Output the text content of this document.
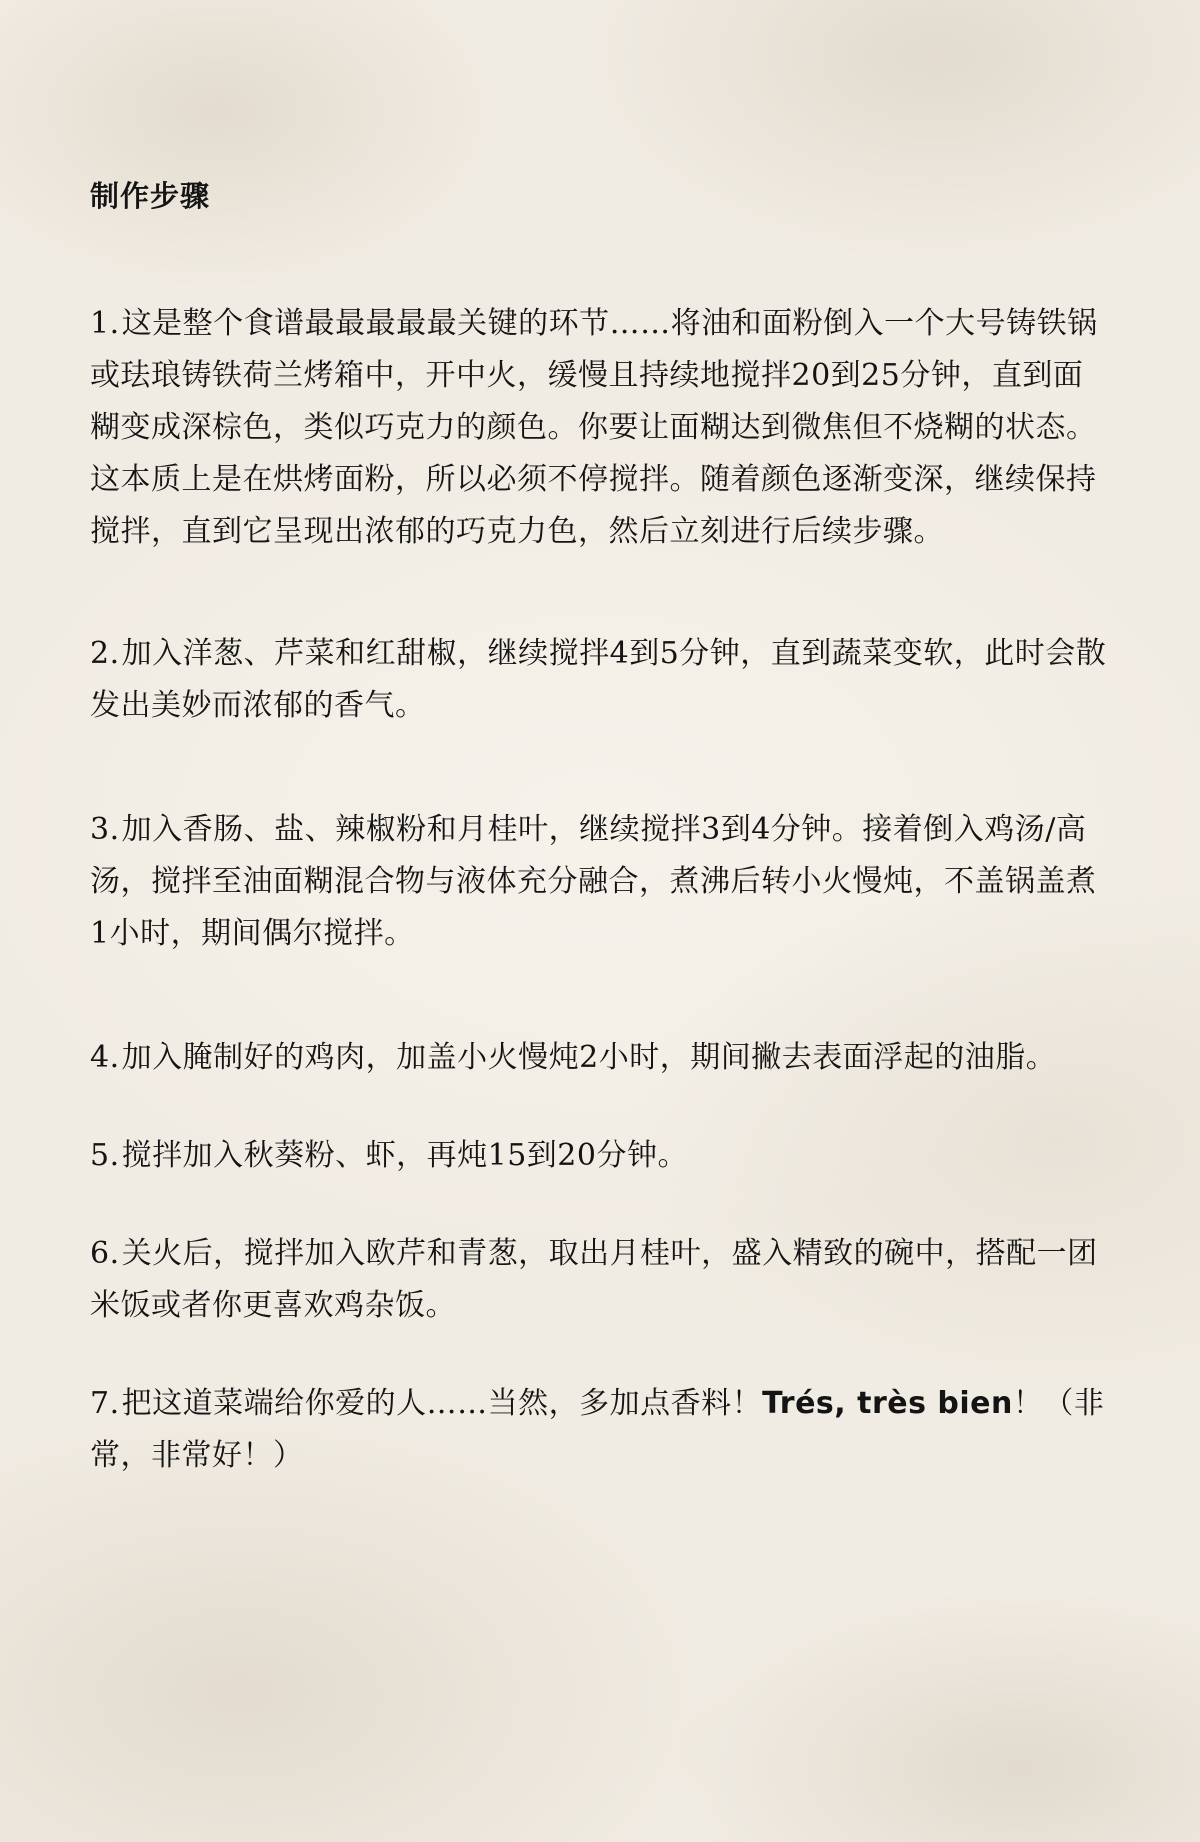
制作步骤

1.这是整个食谱最最最最最关键的环节……将油和面粉倒入一个大号铸铁锅或珐琅铸铁荷兰烤箱中，开中火，缓慢且持续地搅拌20到25分钟，直到面糊变成深棕色，类似巧克力的颜色。你要让面糊达到微焦但不烧糊的状态。这本质上是在烘烤面粉，所以必须不停搅拌。随着颜色逐渐变深，继续保持搅拌，直到它呈现出浓郁的巧克力色，然后立刻进行后续步骤。

2.加入洋葱、芹菜和红甜椒，继续搅拌4到5分钟，直到蔬菜变软，此时会散发出美妙而浓郁的香气。

3.加入香肠、盐、辣椒粉和月桂叶，继续搅拌3到4分钟。接着倒入鸡汤/高汤，搅拌至油面糊混合物与液体充分融合，煮沸后转小火慢炖，不盖锅盖煮1小时，期间偶尔搅拌。

4.加入腌制好的鸡肉，加盖小火慢炖2小时，期间撇去表面浮起的油脂。

5.搅拌加入秋葵粉、虾，再炖15到20分钟。

6.关火后，搅拌加入欧芹和青葱，取出月桂叶，盛入精致的碗中，搭配一团米饭或者你更喜欢鸡杂饭。

7.把这道菜端给你爱的人……当然，多加点香料！Trés, très bien！（非常，非常好！）
